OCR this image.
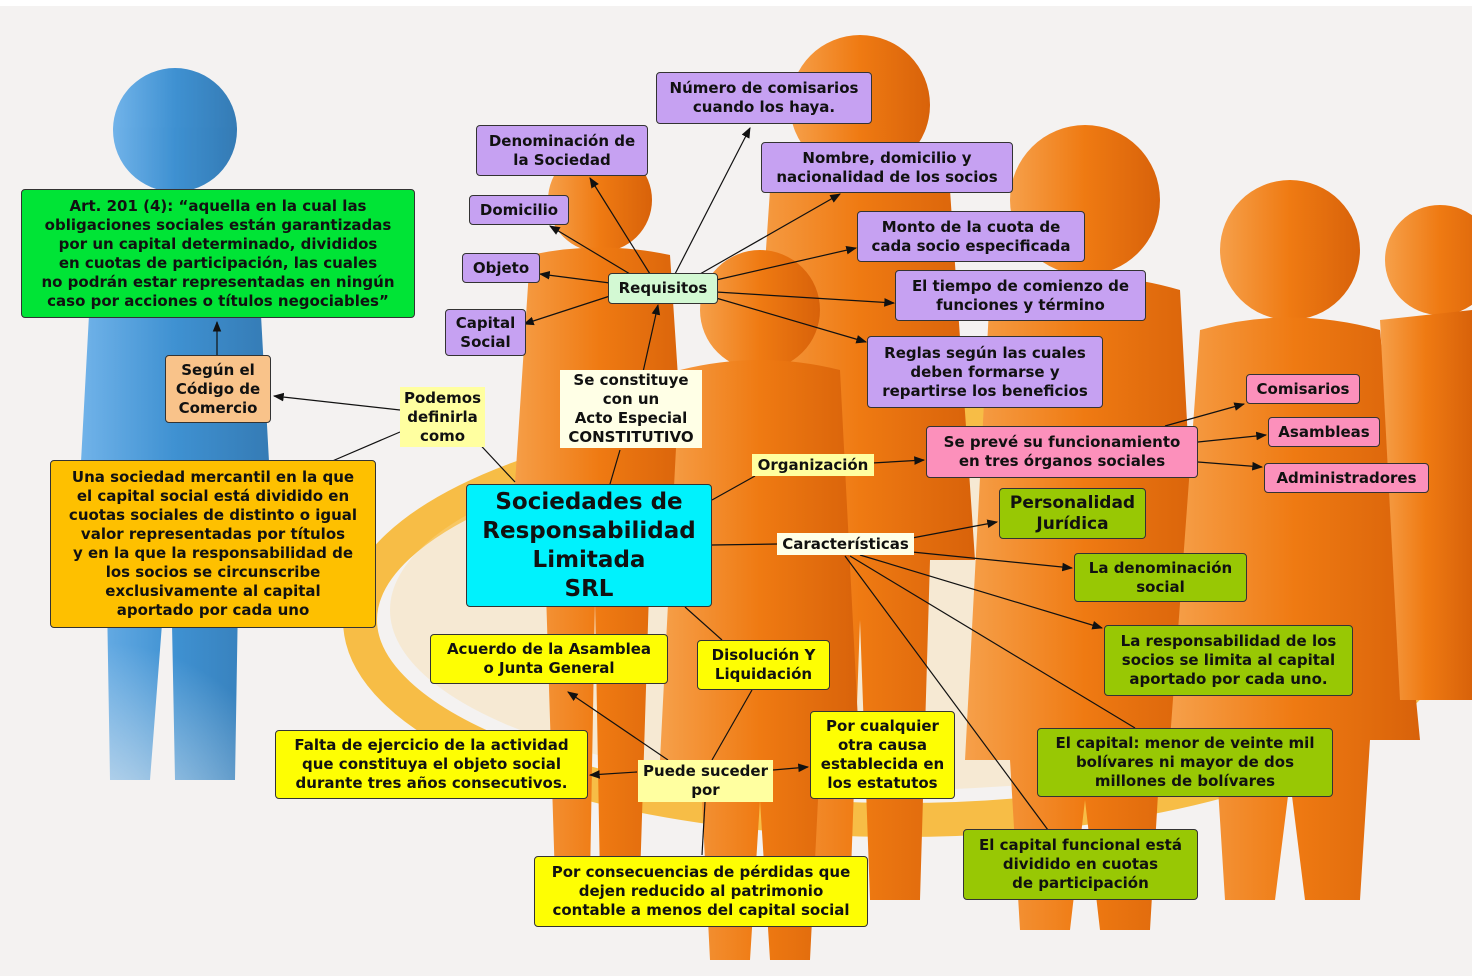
Art. 201 (4): “aquella en la cual las
obligaciones sociales están garantizadas
por un capital determinado, divididos
en cuotas de participación, las cuales
no podrán estar representadas en ningún
caso por acciones o títulos negociables”
Según el
Código de
Comercio
Podemos
definirla
como
Una sociedad mercantil en la que
el capital social está dividido en
cuotas sociales de distinto o igual
valor representadas por títulos
y en la que la responsabilidad de
los socios se circunscribe
exclusivamente al capital
aportado por cada uno
Número de comisarios
cuando los haya.
Denominación de
la Sociedad	Nombre, domicilio y
nacionalidad de los socios
Domicilio
Monto de la cuota de
cada socio especificada
Objeto
Requisitos	El tiempo de comienzo de
funciones y término
Capital
Social
Reglas según las cuales
deben formarse y
repartirse los beneficios
Se constituye
con un
Acto Especial
CONSTITUTIVO
Sociedades de
Responsabilidad
Limitada
SRL
Organización
Se prevé su funcionamiento
en tres órganos sociales
Comisarios
Asambleas
Administradores
Características
Personalidad
Jurídica
La denominación
social
La responsabilidad de los
socios se limita al capital
aportado por cada uno.
El capital: menor de veinte mil
bolívares ni mayor de dos
millones de bolívares
El capital funcional está
dividido en cuotas
de participación
Acuerdo de la Asamblea
o Junta General
Disolución Y
Liquidación
Por cualquier
otra causa
establecida en
los estatutos
Falta de ejercicio de la actividad
que constituya el objeto social
durante tres años consecutivos.
Puede suceder
por
Por consecuencias de pérdidas que
dejen reducido al patrimonio
contable a menos del capital social
